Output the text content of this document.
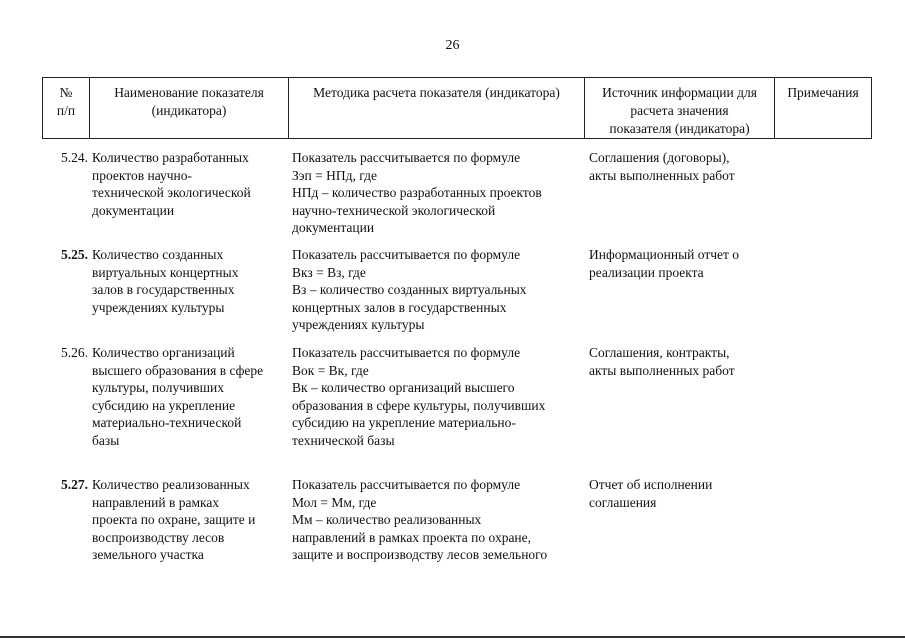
26
№
п/п
Наименование показателя
(индикатора)
Методика расчета показателя (индикатора)	Источник информации для
расчета значения
показателя (индикатора)
Примечания
5.24. Количество разработанных
проектов научно-
технической экологической
документации
Показатель рассчитывается по формуле
Зэп = НПд, где
НПд – количество разработанных проектов
научно-технической экологической
документации
Соглашения (договоры),
акты выполненных работ
5.25. Количество созданных
виртуальных концертных
залов в государственных
учреждениях культуры
Показатель рассчитывается по формуле
Вкз = Вз, где
Вз – количество созданных виртуальных
концертных залов в государственных
учреждениях культуры
Информационный отчет о
реализации проекта
5.26. Количество организаций
высшего образования в сфере
культуры, получивших
субсидию на укрепление
материально-технической
базы
Показатель рассчитывается по формуле
Вок = Вк, где
Вк – количество организаций высшего
образования в сфере культуры, получивших
субсидию на укрепление материально-
технической базы
Соглашения, контракты,
акты выполненных работ
5.27. Количество реализованных
направлений в рамках
проекта по охране, защите и
воспроизводству лесов
земельного участка
Показатель рассчитывается по формуле
Мол = Мм, где
Мм – количество реализованных
направлений в рамках проекта по охране,
защите и воспроизводству лесов земельного
Отчет об исполнении
соглашения
